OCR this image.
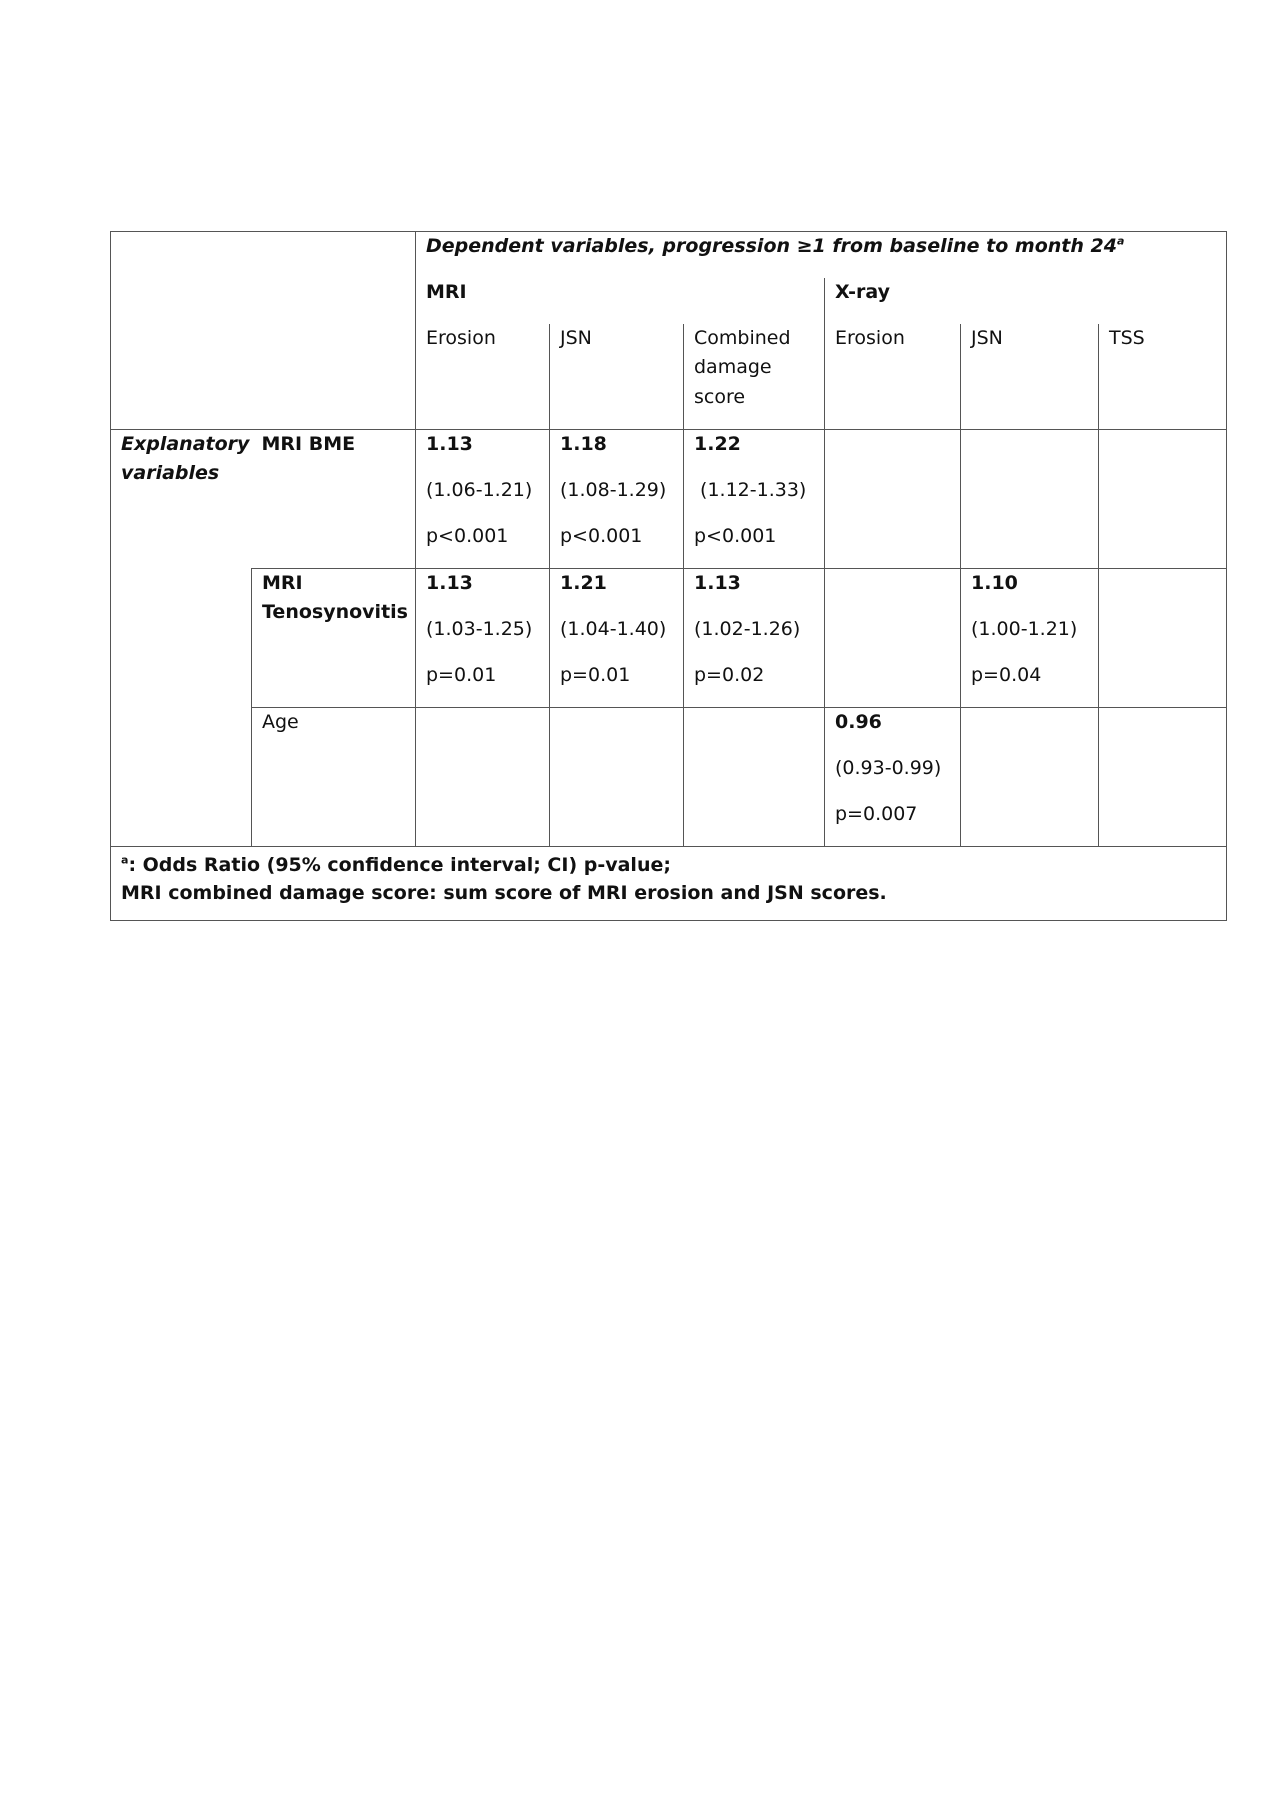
		Dependent variables, progression ≥1 from baseline to month 24$^a$
		MRI			X-ray		
		Erosion	JSN	Combined damage score	Erosion	JSN	TSS
Explanatory variables	MRI BME	1.13
(1.06-1.21)
p<0.001	1.18
(1.08-1.29)
p<0.001	1.22
(1.12-1.33)
p<0.001			

	MRI Tenosynovitis	1.13
(1.03-1.25)
p=0.01	1.21
(1.04-1.40)
p=0.01	1.13
(1.02-1.26)
p=0.02		1.10
(1.00-1.21)
p=0.04	

	Age				0.96
(0.93-0.99)
p=0.007		

$^a$: Odds Ratio (95% confidence interval; CI) p-value;
MRI combined damage score: sum score of MRI erosion and JSN scores.							
